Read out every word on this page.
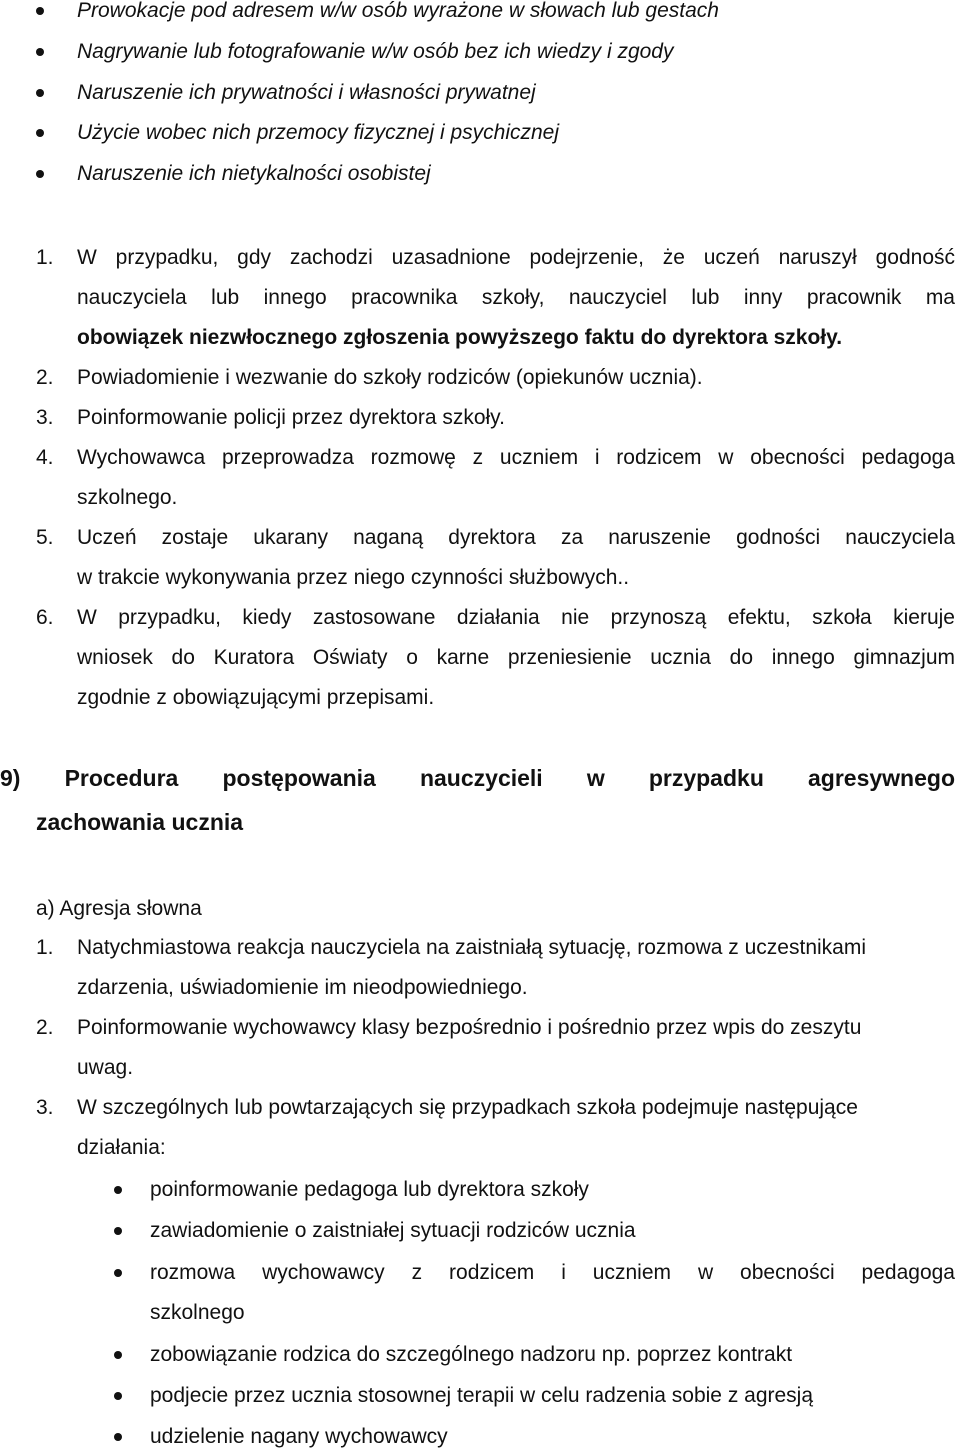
Prowokacje pod adresem w/w osób wyrażone w słowach lub gestach
Nagrywanie lub fotografowanie w/w osób bez ich wiedzy i zgody
Naruszenie ich prywatności i własności prywatnej
Użycie wobec nich przemocy fizycznej i psychicznej
Naruszenie ich nietykalności osobistej
1. W przypadku, gdy zachodzi uzasadnione podejrzenie, że uczeń naruszył godność
nauczyciela lub innego pracownika szkoły, nauczyciel lub inny pracownik ma
obowiązek niezwłocznego zgłoszenia powyższego faktu do dyrektora szkoły.
2. Powiadomienie i wezwanie do szkoły rodziców (opiekunów ucznia).
3. Poinformowanie policji przez dyrektora szkoły.
4. Wychowawca przeprowadza rozmowę z uczniem i rodzicem w obecności pedagoga
szkolnego.
5. Uczeń zostaje ukarany naganą dyrektora za naruszenie godności nauczyciela
w trakcie wykonywania przez niego czynności służbowych..
6. W przypadku, kiedy zastosowane działania nie przynoszą efektu, szkoła kieruje
wniosek do Kuratora Oświaty o karne przeniesienie ucznia do innego gimnazjum
zgodnie z obowiązującymi przepisami.
9) Procedura postępowania nauczycieli w przypadku agresywnego
zachowania ucznia
a) Agresja słowna
1. Natychmiastowa reakcja nauczyciela na zaistniałą sytuację, rozmowa z uczestnikami
zdarzenia, uświadomienie im nieodpowiedniego.
2. Poinformowanie wychowawcy klasy bezpośrednio i pośrednio przez wpis do zeszytu
uwag.
3. W szczególnych lub powtarzających się przypadkach szkoła podejmuje następujące
działania:
poinformowanie pedagoga lub dyrektora szkoły
zawiadomienie o zaistniałej sytuacji rodziców ucznia
rozmowa wychowawcy z rodzicem i uczniem w obecności pedagoga
szkolnego
zobowiązanie rodzica do szczególnego nadzoru np. poprzez kontrakt
podjecie przez ucznia stosownej terapii w celu radzenia sobie z agresją
udzielenie nagany wychowawcy
